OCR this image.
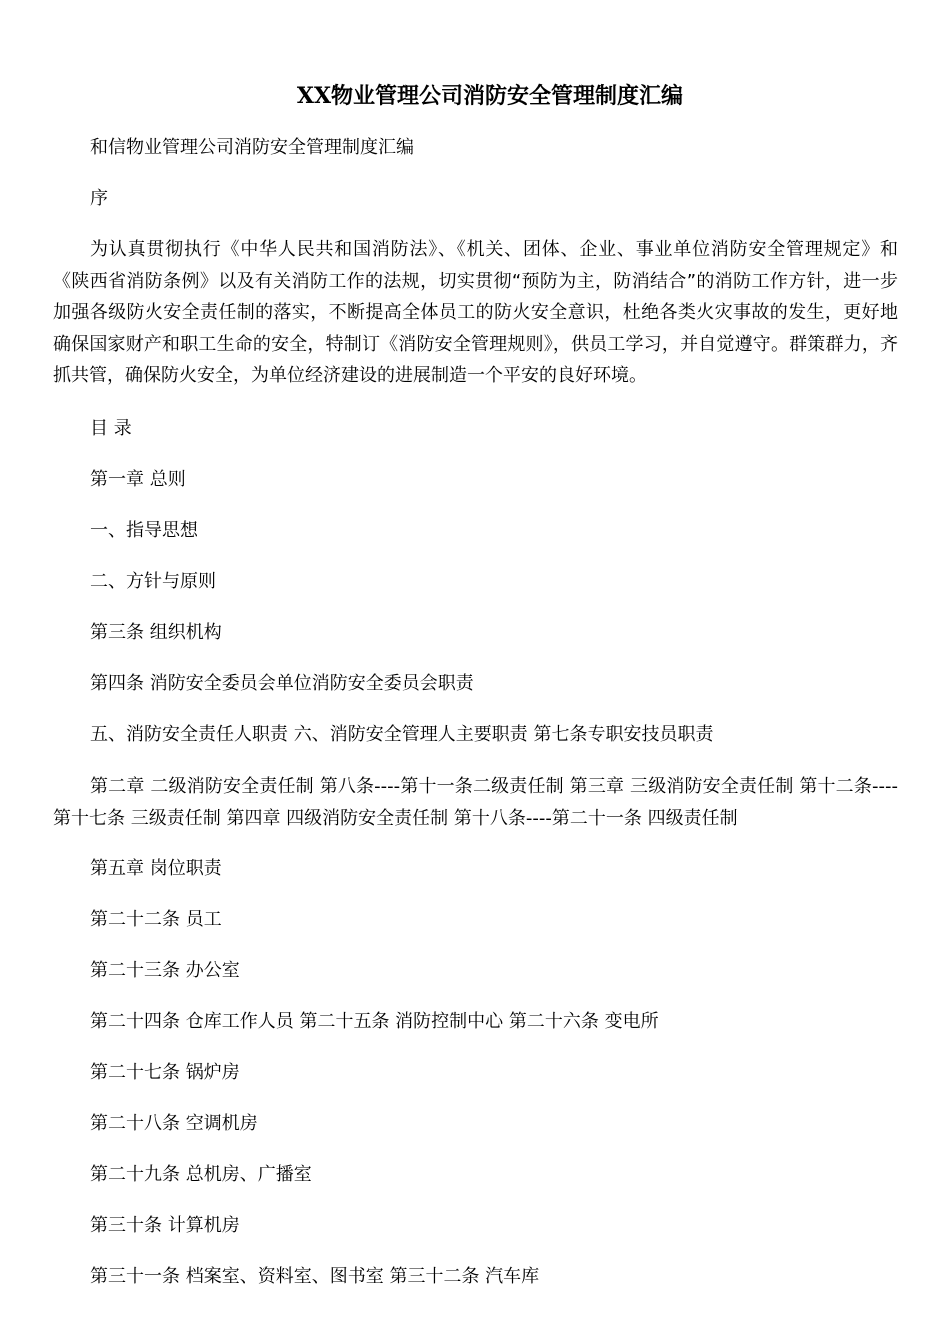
XX物业管理公司消防安全管理制度汇编
和信物业管理公司消防安全管理制度汇编
序
为认真贯彻执行《中华人民共和国消防法》、《机关、团体、企业、事业单位消防安全管理规定》和《陕西省消防条例》以及有关消防工作的法规，切实贯彻“预防为主，防消结合”的消防工作方针，进一步加强各级防火安全责任制的落实，不断提高全体员工的防火安全意识，杜绝各类火灾事故的发生，更好地确保国家财产和职工生命的安全，特制订《消防安全管理规则》，供员工学习，并自觉遵守。群策群力，齐抓共管，确保防火安全，为单位经济建设的进展制造一个平安的良好环境。
目 录
第一章 总则
一、指导思想
二、方针与原则
第三条 组织机构
第四条 消防安全委员会单位消防安全委员会职责
五、消防安全责任人职责 六、消防安全管理人主要职责 第七条专职安技员职责
第二章 二级消防安全责任制 第八条----第十一条二级责任制 第三章 三级消防安全责任制 第十二条----第十七条 三级责任制 第四章 四级消防安全责任制 第十八条----第二十一条 四级责任制
第五章 岗位职责
第二十二条 员工
第二十三条 办公室
第二十四条 仓库工作人员 第二十五条 消防控制中心 第二十六条 变电所
第二十七条 锅炉房
第二十八条 空调机房
第二十九条 总机房、广播室
第三十条 计算机房
第三十一条 档案室、资料室、图书室 第三十二条 汽车库
